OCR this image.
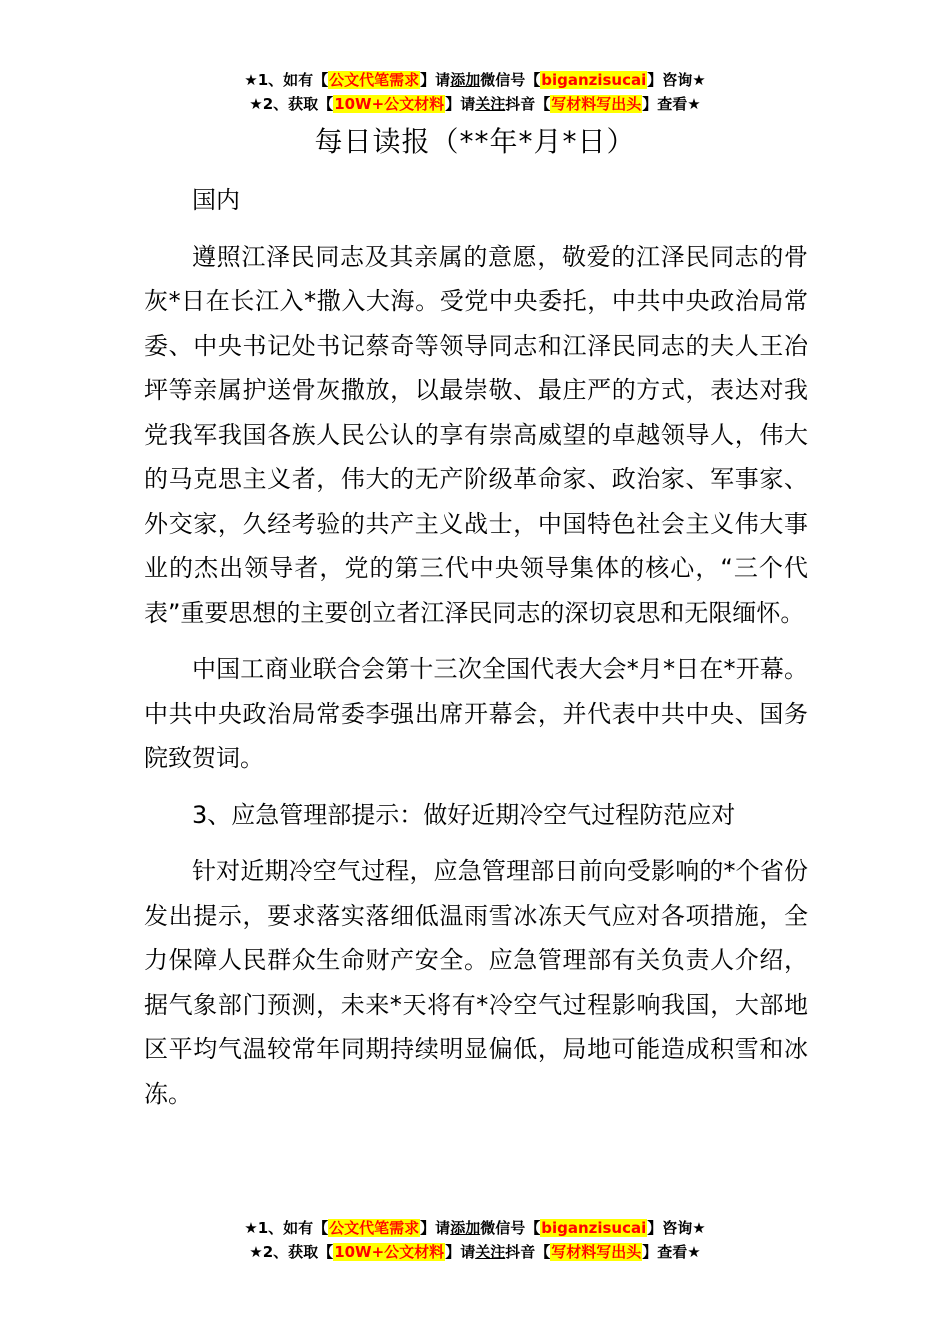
★1、如有【公文代笔需求】请添加微信号【biganzisucai】咨询★
★2、获取【10W+公文材料】请关注抖音【写材料写出头】查看★
每日读报（**年*月*日）

国内

遵照江泽民同志及其亲属的意愿，敬爱的江泽民同志的骨灰*日在长江入*撒入大海。受党中央委托，中共中央政治局常委、中央书记处书记蔡奇等领导同志和江泽民同志的夫人王冶坪等亲属护送骨灰撒放，以最崇敬、最庄严的方式，表达对我党我军我国各族人民公认的享有崇高威望的卓越领导人，伟大的马克思主义者，伟大的无产阶级革命家、政治家、军事家、外交家，久经考验的共产主义战士，中国特色社会主义伟大事业的杰出领导者，党的第三代中央领导集体的核心，“三个代表”重要思想的主要创立者江泽民同志的深切哀思和无限缅怀。

中国工商业联合会第十三次全国代表大会*月*日在*开幕。中共中央政治局常委李强出席开幕会，并代表中共中央、国务院致贺词。

3、应急管理部提示：做好近期冷空气过程防范应对

针对近期冷空气过程，应急管理部日前向受影响的*个省份发出提示，要求落实落细低温雨雪冰冻天气应对各项措施，全力保障人民群众生命财产安全。应急管理部有关负责人介绍，据气象部门预测，未来*天将有*冷空气过程影响我国，大部地区平均气温较常年同期持续明显偏低，局地可能造成积雪和冰冻。

★1、如有【公文代笔需求】请添加微信号【biganzisucai】咨询★
★2、获取【10W+公文材料】请关注抖音【写材料写出头】查看★
